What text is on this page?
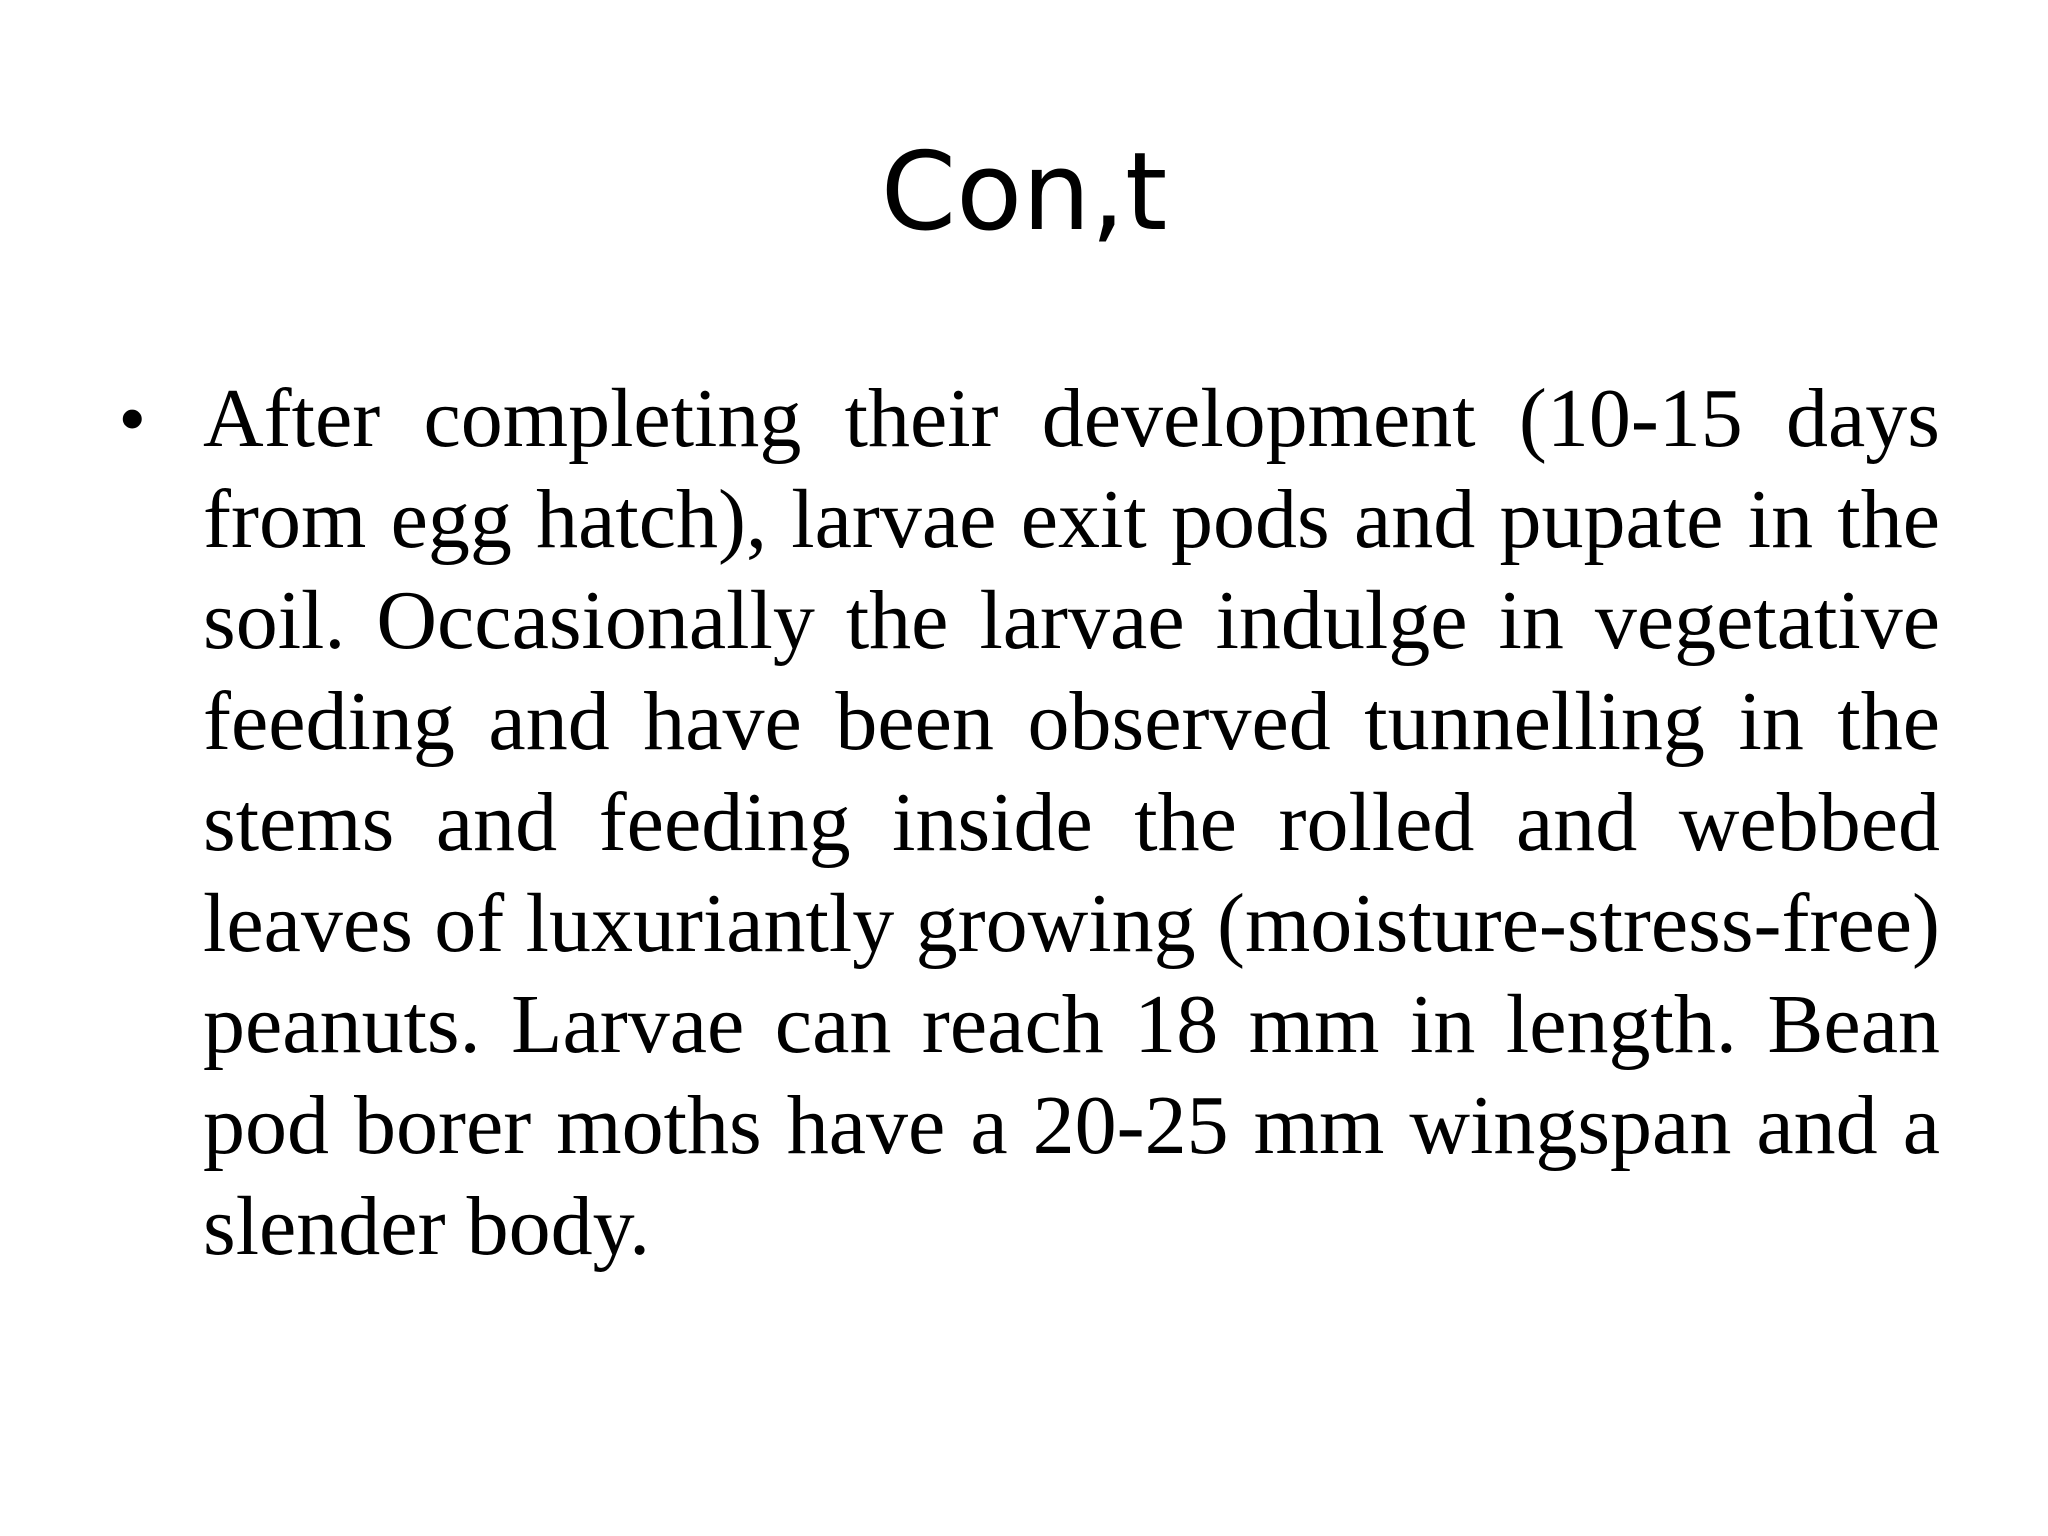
Con,t
• After completing their development (10-15 days from egg hatch), larvae exit pods and pupate in the soil. Occasionally the larvae indulge in vegetative feeding and have been observed tunnelling in the stems and feeding inside the rolled and webbed leaves of luxuriantly growing (moisture-stress-free) peanuts. Larvae can reach 18 mm in length. Bean pod borer moths have a 20-25 mm wingspan and a slender body.
